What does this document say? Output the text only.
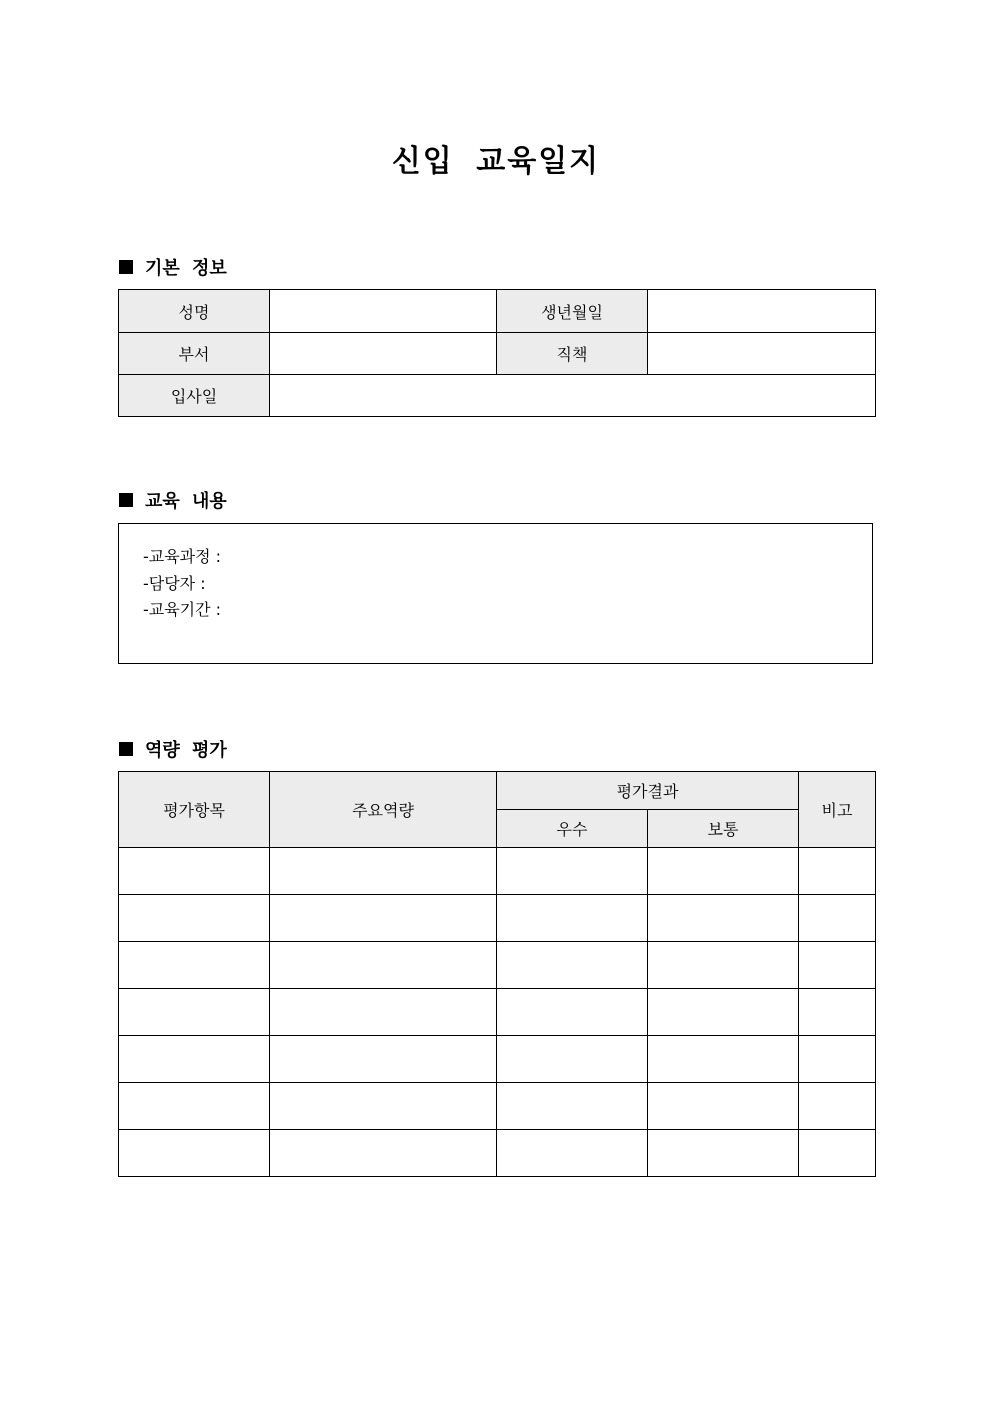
신입 교육일지
기본 정보
성명		생년월일	
부서		직책	
입사일			
교육 내용
-교육과정 :
-담당자 :
-교육기간 :
역량 평가
평가항목	주요역량	평가결과		비고
		우수	보통	
